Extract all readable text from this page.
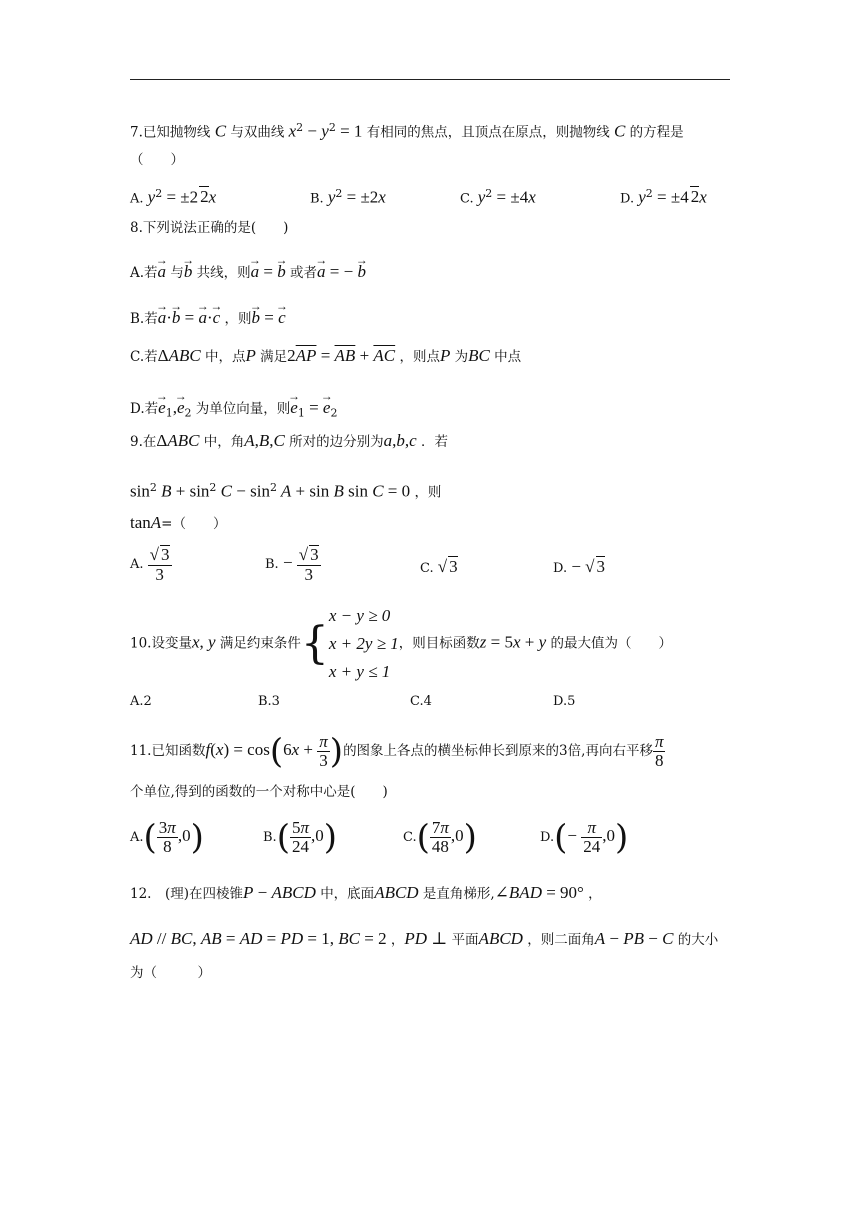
7.已知抛物线 C 与双曲线 $x^2 - y^2 = 1$ 有相同的焦点，且顶点在原点，则抛物线 C 的方程是
（　　）
A. $y^2 = \pm 2$ 2x	B. $y^2 = \pm 2x$	C. $y^2 = \pm 4x$	D. $y^2 = \pm 4$ 2x
8.下列说法正确的是(　　)
A.若→ a 与→ b 共线，则→ a = → b 或者→ a = − → b
B.若→ a·→ b = → a·→ c ，则→ b = → c
C.若ΔABC 中，点P 满足$2\overline{AP} = \overline{AB} + \overline{AC}$ ，则点P 为BC 中点
D.若→ $e_1,\to e_2$ 为单位向量，则→ $e_1$ = → $e_2$
9.在ΔABC 中，角A,B,C 所对的边分别为a,b,c ．若
$\sin^2 B + \sin^2 C - \sin^2 A + \sin B$ sin C = 0 ，则
tanA=（　　）
A. $\frac{√ 3}{3}$	B. − $\frac{√ 3}{3}$	C. √ 3	D. − √ 3
10.设变量x, y 满足约束条件{x − y ≥ 0
x + 2y ≥ 1
x + y ≤ 1，则目标函数z = 5x + y 的最大值为（　　）
A.2	B.3	C.4	D.5
11.已知函数$f(x) = \cos(6x + \frac{\pi}{3}$ )的图象上各点的横坐标伸长到原来的3倍,再向右平移 $\frac{\pi}{8}$
个单位,得到的函数的一个对称中心是(　　)
$A.( \frac{3\pi}{8} ,0)$	$B.( \frac{5\pi}{24} ,0)$	$C.( \frac{7\pi}{48} ,0)$	$D.(- \frac{\pi}{24} ,0)$
12.　(理)在四棱锥P − ABCD 中，底面ABCD 是直角梯形,∠BAD = 90° ，
AD // BC, AB = AD = PD = 1, BC = 2 ，PD ⊥ 平面ABCD ，则二面角A − PB − C 的大小
为（　　　）
